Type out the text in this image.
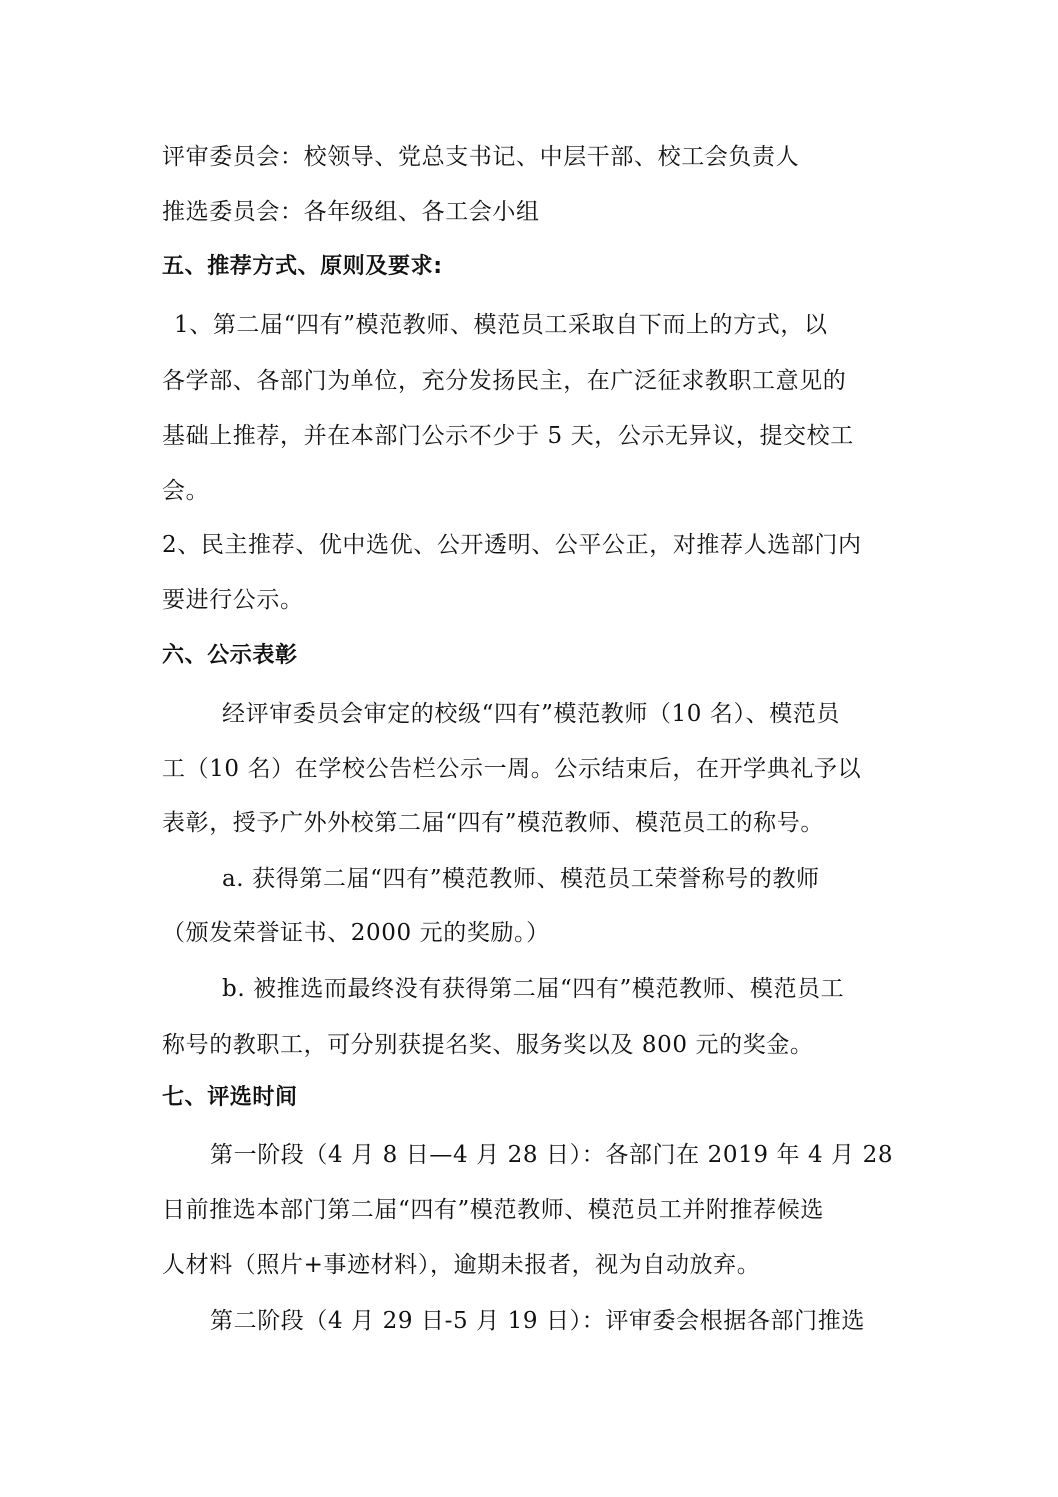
评审委员会：校领导、党总支书记、中层干部、校工会负责人
推选委员会：各年级组、各工会小组
五、推荐方式、原则及要求:
1、第二届“四有”模范教师、模范员工采取自下而上的方式，以
各学部、各部门为单位，充分发扬民主，在广泛征求教职工意见的
基础上推荐，并在本部门公示不少于 5 天，公示无异议，提交校工
会。
2、民主推荐、优中选优、公开透明、公平公正，对推荐人选部门内
要进行公示。
六、公示表彰
经评审委员会审定的校级“四有”模范教师（10 名）、模范员
工（10 名）在学校公告栏公示一周。公示结束后，在开学典礼予以
表彰，授予广外外校第二届“四有”模范教师、模范员工的称号。
a. 获得第二届“四有”模范教师、模范员工荣誉称号的教师
（颁发荣誉证书、2000 元的奖励。）
b. 被推选而最终没有获得第二届“四有”模范教师、模范员工
称号的教职工，可分别获提名奖、服务奖以及 800 元的奖金。
七、评选时间
第一阶段（4 月 8 日—4 月 28 日）：各部门在 2019 年 4 月 28
日前推选本部门第二届“四有”模范教师、模范员工并附推荐候选
人材料（照片+事迹材料），逾期未报者，视为自动放弃。
第二阶段（4 月 29 日-5 月 19 日）：评审委会根据各部门推选
